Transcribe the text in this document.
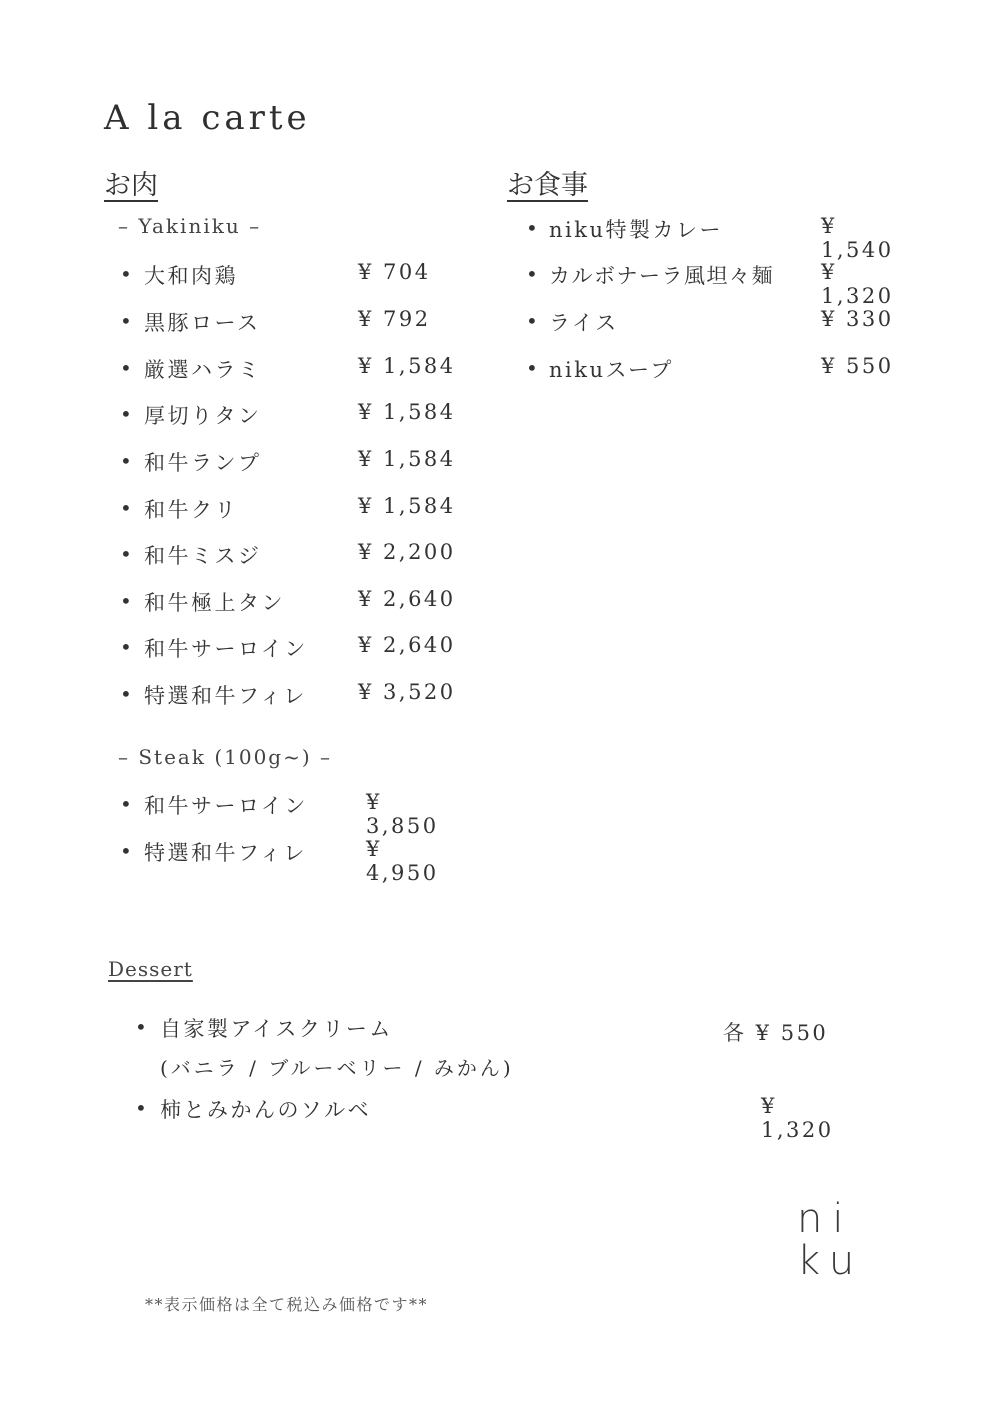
A la carte
お肉
– Yakiniku –
• 大和肉鶏	¥ 704
• 黒豚ロース	¥ 792
• 厳選ハラミ	¥ 1,584
• 厚切りタン	¥ 1,584
• 和牛ランプ	¥ 1,584
• 和牛クリ	¥ 1,584
• 和牛ミスジ	¥ 2,200
• 和牛極上タン	¥ 2,640
• 和牛サーロイン ¥ 2,640
• 特選和牛フィレ ¥ 3,520
– Steak (100g~) –
• 和牛サーロイン	¥ 3,850
• 特選和牛フィレ	¥ 4,950
お食事
• niku特製カレー	¥ 1,540
• カルボナーラ風坦々麺 ¥ 1,320
• ライス	¥ 330
• nikuスープ	¥ 550
Dessert
• 自家製アイスクリーム	各 ¥ 550
(バニラ / ブルーベリー / みかん)
• 柿とみかんのソルベ	¥ 1,320
ni
ku
**表示価格は全て税込み価格です**
